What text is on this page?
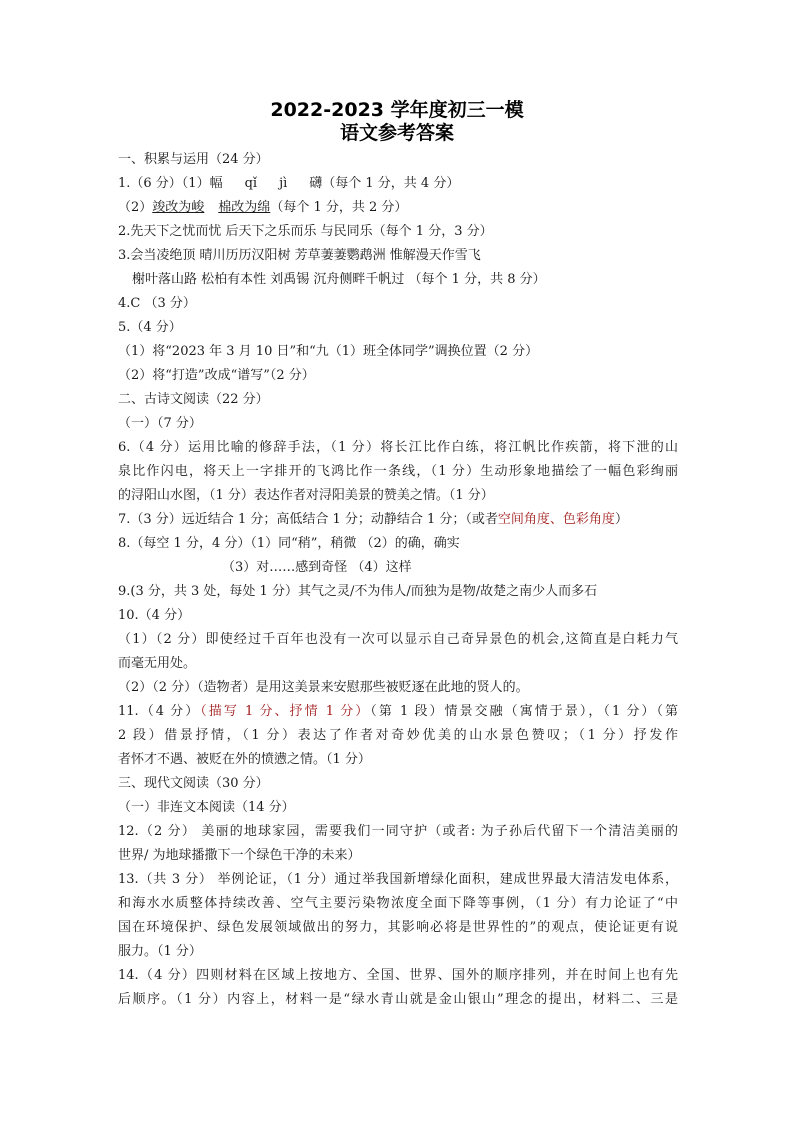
2022-2023 学年度初三一模
语文参考答案
一、积累与运用（24 分）
1.（6 分）（1）幅 qǐ jì 礴（每个 1 分，共 4 分）
（2）竣改为峻 棉改为绵（每个 1 分，共 2 分）
2.先天下之忧而忧 后天下之乐而乐 与民同乐（每个 1 分，3 分）
3.会当凌绝顶 晴川历历汉阳树 芳草萋萋鹦鹉洲 惟解漫天作雪飞
榭叶落山路 松柏有本性 刘禹锡 沉舟侧畔千帆过 （每个 1 分，共 8 分）
4.C （3 分）
5.（4 分）
（1）将“2023 年 3 月 10 日”和“九（1）班全体同学”调换位置（2 分）
（2）将“打造”改成“谱写”（2 分）
二、古诗文阅读（22 分）
（一）（7 分）
6.（4 分）运用比喻的修辞手法，（1 分）将长江比作白练，将江帆比作疾箭，将下泄的山
泉比作闪电，将天上一字排开的飞鸿比作一条线，（1 分）生动形象地描绘了一幅色彩绚丽
的浔阳山水图，（1 分）表达作者对浔阳美景的赞美之情。（1 分）
7.（3 分）远近结合 1 分；高低结合 1 分；动静结合 1 分；（或者空间角度、色彩角度）
8.（每空 1 分，4 分）（1）同“稍”，稍微 （2）的确，确实
（3）对……感到奇怪 （4）这样
9.(3 分，共 3 处，每处 1 分）其气之灵/不为伟人/而独为是物/故楚之南少人而多石
10.（4 分）
（1）（2 分）即使经过千百年也没有一次可以显示自己奇异景色的机会,这简直是白耗力气
而毫无用处。
（2）（2 分）（造物者）是用这美景来安慰那些被贬逐在此地的贤人的。
11.（4 分）（描写 1 分、抒情 1 分）（第 1 段）情景交融（寓情于景），（1 分）（第
2 段）借景抒情，（1 分）表达了作者对奇妙优美的山水景色赞叹；（1 分）抒发作
者怀才不遇、被贬在外的愤懑之情。（1 分）
三、现代文阅读（30 分）
（一）非连文本阅读（14 分）
12.（2 分） 美丽的地球家园，需要我们一同守护（或者: 为子孙后代留下一个清洁美丽的
世界/ 为地球播撒下一个绿色干净的未来）
13.（共 3 分） 举例论证，（1 分）通过举我国新增绿化面积，建成世界最大清洁发电体系，
和海水水质整体持续改善、空气主要污染物浓度全面下降等事例，（1 分）有力论证了“中
国在环境保护、绿色发展领域做出的努力，其影响必将是世界性的”的观点，使论证更有说
服力。（1 分）
14.（4 分）四则材料在区域上按地方、全国、世界、国外的顺序排列，并在时间上也有先
后顺序。（1 分）内容上，材料一是“绿水青山就是金山银山”理念的提出，材料二、三是
